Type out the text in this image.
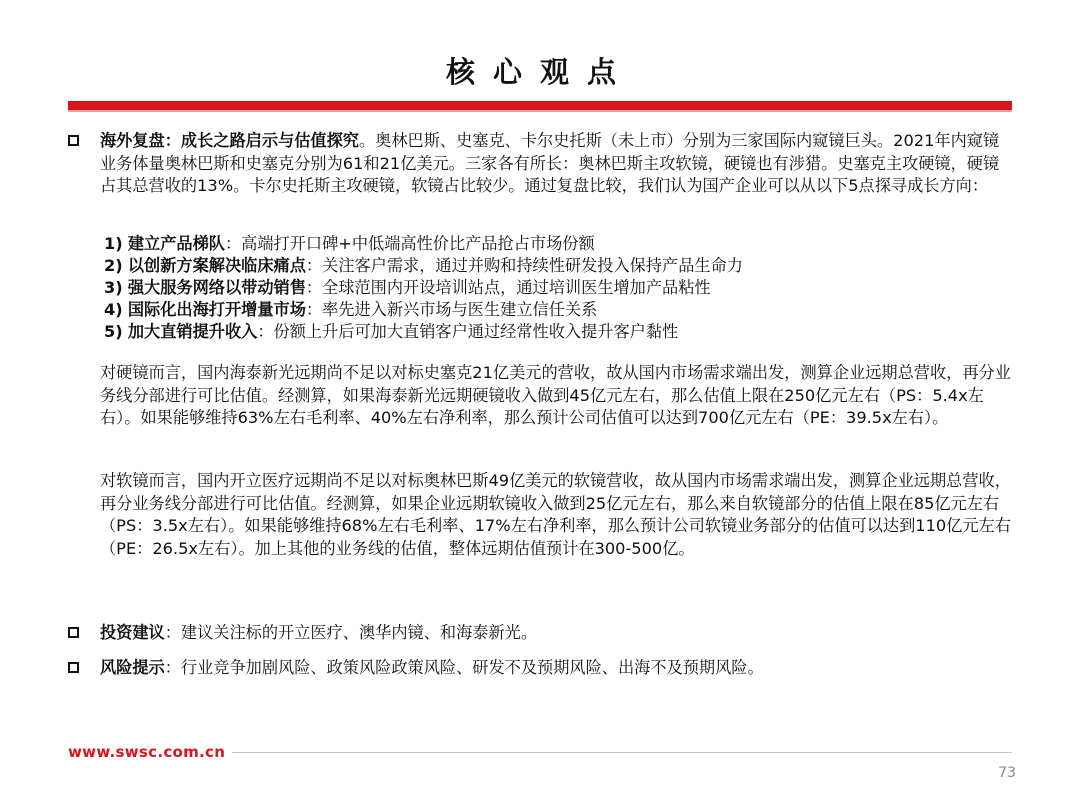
核心观点

海外复盘：成长之路启示与估值探究。奥林巴斯、史塞克、卡尔史托斯（未上市）分别为三家国际内窥镜巨头。2021年内窥镜业务体量奥林巴斯和史塞克分别为61和21亿美元。三家各有所长：奥林巴斯主攻软镜，硬镜也有涉猎。史塞克主攻硬镜，硬镜占其总营收的13%。卡尔史托斯主攻硬镜，软镜占比较少。通过复盘比较，我们认为国产企业可以从以下5点探寻成长方向：

1) 建立产品梯队：高端打开口碑+中低端高性价比产品抢占市场份额
2) 以创新方案解决临床痛点：关注客户需求，通过并购和持续性研发投入保持产品生命力
3) 强大服务网络以带动销售：全球范围内开设培训站点，通过培训医生增加产品粘性
4) 国际化出海打开增量市场：率先进入新兴市场与医生建立信任关系
5) 加大直销提升收入：份额上升后可加大直销客户通过经常性收入提升客户黏性

对硬镜而言，国内海泰新光远期尚不足以对标史塞克21亿美元的营收，故从国内市场需求端出发，测算企业远期总营收，再分业务线分部进行可比估值。经测算，如果海泰新光远期硬镜收入做到45亿元左右，那么估值上限在250亿元左右（PS：5.4x左右）。如果能够维持63%左右毛利率、40%左右净利率，那么预计公司估值可以达到700亿元左右（PE：39.5x左右）。

对软镜而言，国内开立医疗远期尚不足以对标奥林巴斯49亿美元的软镜营收，故从国内市场需求端出发，测算企业远期总营收，再分业务线分部进行可比估值。经测算，如果企业远期软镜收入做到25亿元左右，那么来自软镜部分的估值上限在85亿元左右（PS：3.5x左右）。如果能够维持68%左右毛利率、17%左右净利率，那么预计公司软镜业务部分的估值可以达到110亿元左右（PE：26.5x左右）。加上其他的业务线的估值，整体远期估值预计在300-500亿。

投资建议：建议关注标的开立医疗、澳华内镜、和海泰新光。

风险提示：行业竞争加剧风险、政策风险政策风险、研发不及预期风险、出海不及预期风险。

www.swsc.com.cn
73
